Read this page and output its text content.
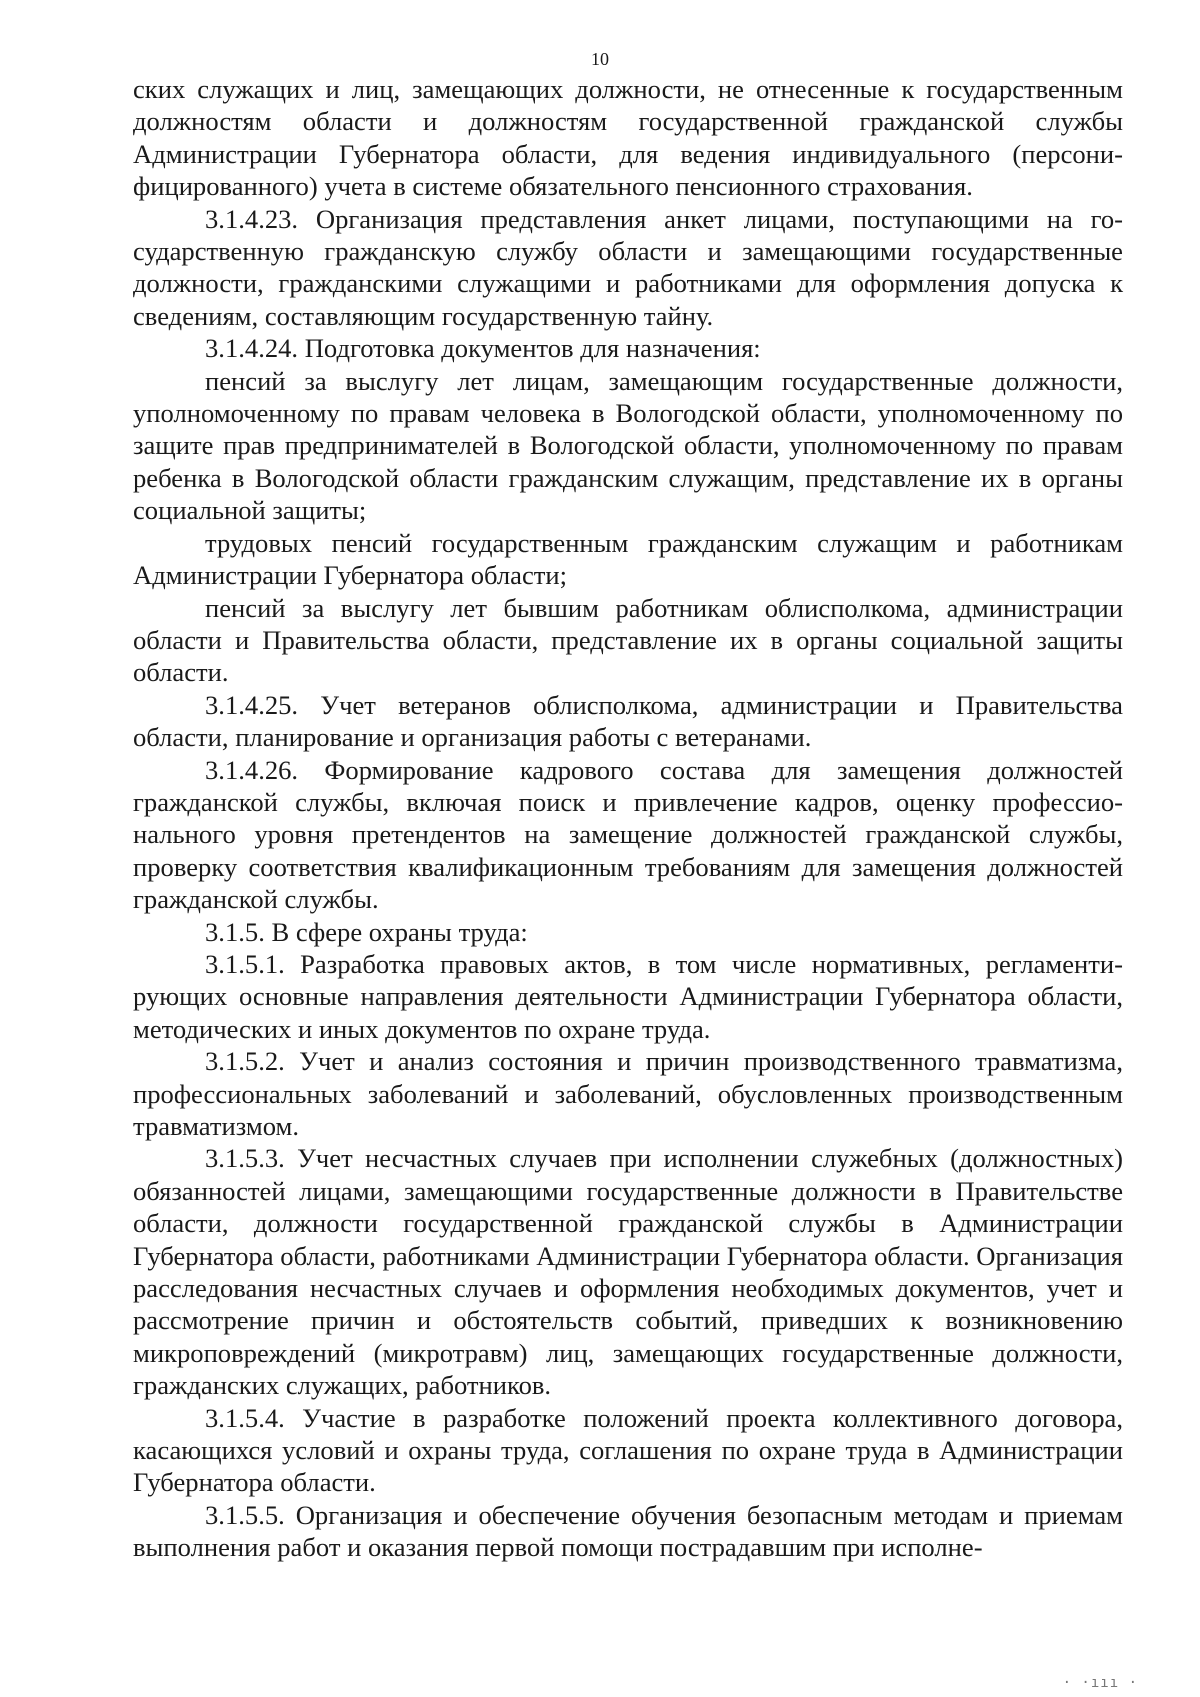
10

ских служащих и лиц, замещающих должности, не отнесенные к государственным должностям области и должностям государственной гражданской службы Администрации Губернатора области, для ведения индивидуального (персонифицированного) учета в системе обязательного пенсионного страхования.

3.1.4.23. Организация представления анкет лицами, поступающими на государственную гражданскую службу области и замещающими государственные должности, гражданскими служащими и работниками для оформления допуска к сведениям, составляющим государственную тайну.

3.1.4.24. Подготовка документов для назначения:

пенсий за выслугу лет лицам, замещающим государственные должности, уполномоченному по правам человека в Вологодской области, уполномоченному по защите прав предпринимателей в Вологодской области, уполномоченному по правам ребенка в Вологодской области гражданским служащим, представление их в органы социальной защиты;

трудовых пенсий государственным гражданским служащим и работникам Администрации Губернатора области;

пенсий за выслугу лет бывшим работникам облисполкома, администрации области и Правительства области, представление их в органы социальной защиты области.

3.1.4.25. Учет ветеранов облисполкома, администрации и Правительства области, планирование и организация работы с ветеранами.

3.1.4.26. Формирование кадрового состава для замещения должностей гражданской службы, включая поиск и привлечение кадров, оценку профессионального уровня претендентов на замещение должностей гражданской службы, проверку соответствия квалификационным требованиям для замещения должностей гражданской службы.

3.1.5. В сфере охраны труда:

3.1.5.1. Разработка правовых актов, в том числе нормативных, регламентирующих основные направления деятельности Администрации Губернатора области, методических и иных документов по охране труда.

3.1.5.2. Учет и анализ состояния и причин производственного травматизма, профессиональных заболеваний и заболеваний, обусловленных производственным травматизмом.

3.1.5.3. Учет несчастных случаев при исполнении служебных (должностных) обязанностей лицами, замещающими государственные должности в Правительстве области, должности государственной гражданской службы в Администрации Губернатора области, работниками Администрации Губернатора области. Организация расследования несчастных случаев и оформления необходимых документов, учет и рассмотрение причин и обстоятельств событий, приведших к возникновению микроповреждений (микротравм) лиц, замещающих государственные должности, гражданских служащих, работников.

3.1.5.4. Участие в разработке положений проекта коллективного договора, касающихся условий и охраны труда, соглашения по охране труда в Администрации Губернатора области.

3.1.5.5. Организация и обеспечение обучения безопасным методам и приемам выполнения работ и оказания первой помощи пострадавшим при исполне-

· ·ııı ·
